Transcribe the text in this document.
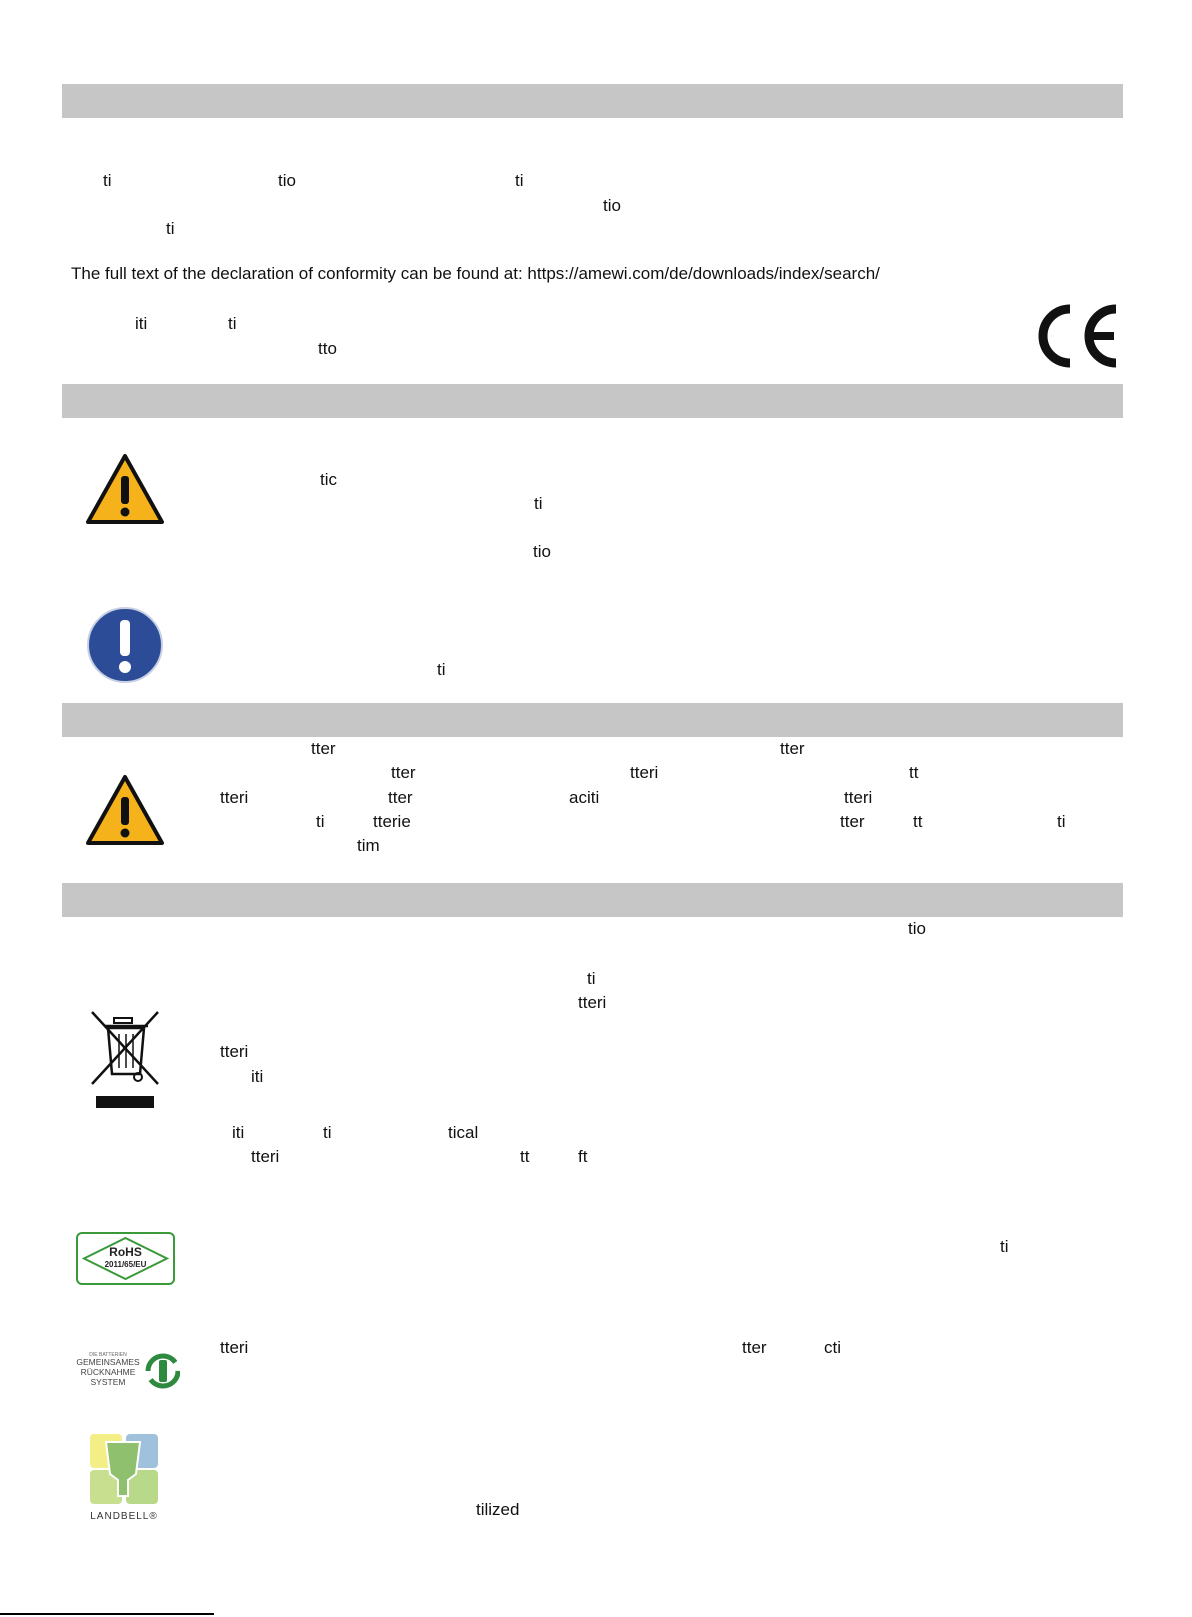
ti	tio	ti
tio
ti
The full text of the declaration of conformity can be found at: https://amewi.com/de/downloads/index/search/
iti	ti
tto
tic
ti
tio
ti
tter	tter
tter	tteri	tt
tteri	tter	aciti	tteri
ti	tterie	tter	tt	ti
tim
tio
ti
tteri
tteri
iti
iti	ti	tical
tteri	tt	ft
RoHS
2011/65/EU
ti
DIE BATTERIEN
GEMEINSAMES
RÜCKNAHME
SYSTEM
tteri	tter	cti
LANDBELL®	tilized
